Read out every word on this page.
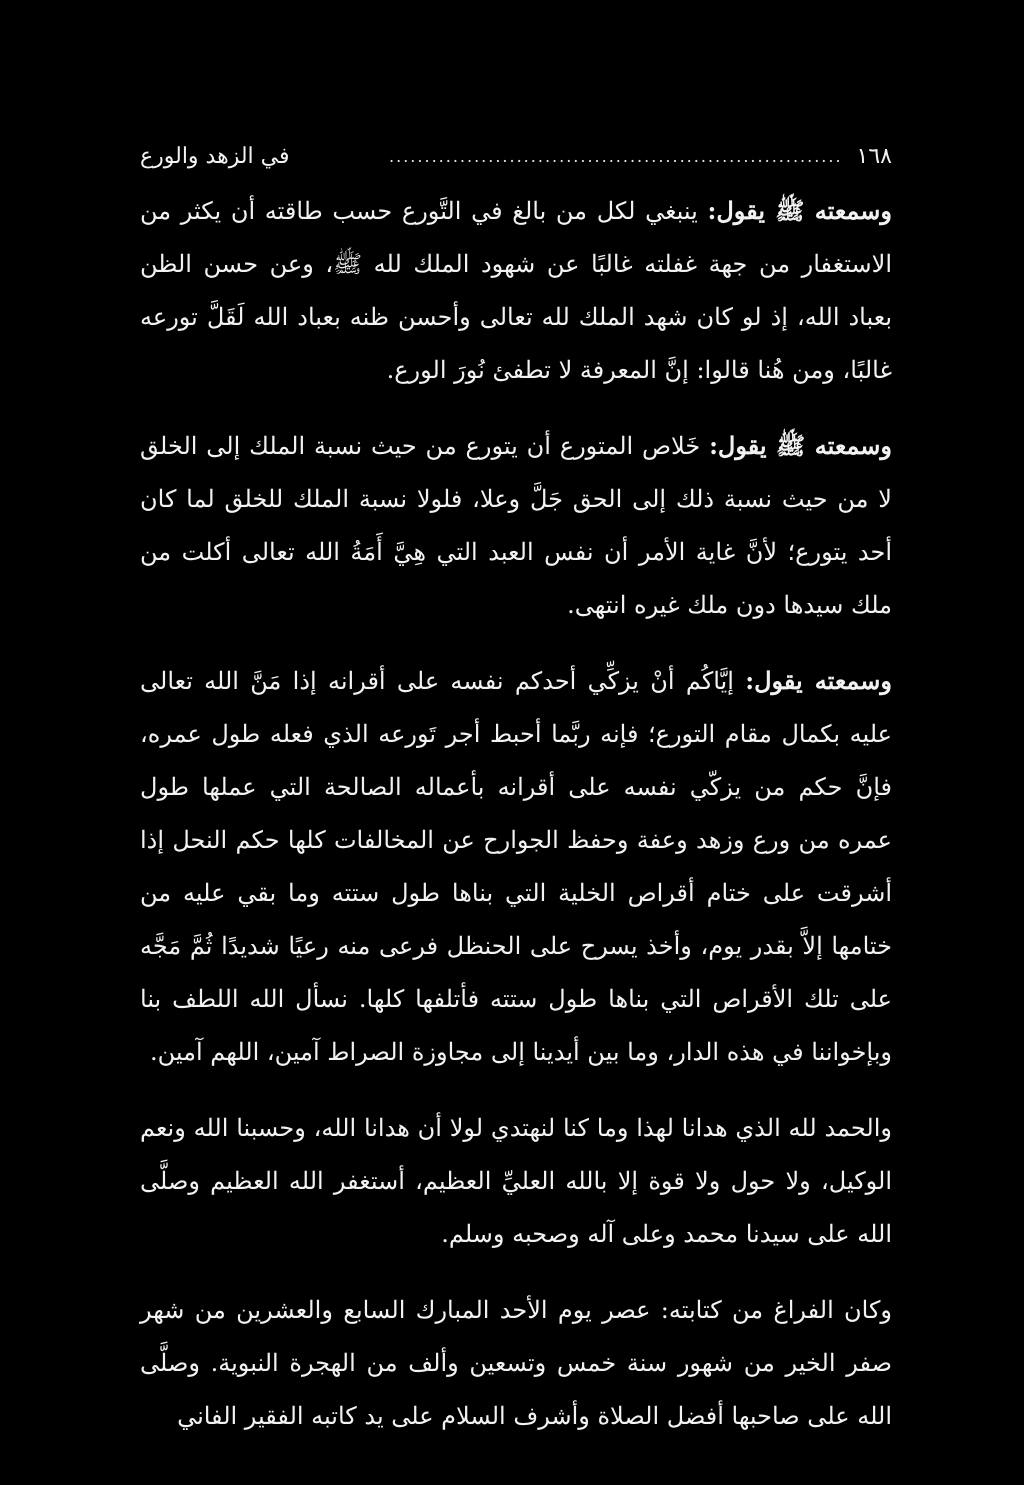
١٦٨
................................................................
في الزهد والورع

وسمعته ﷺ يقول: ينبغي لكل من بالغ في التَّورع حسب طاقته أن يكثر من الاستغفار من جهة غفلته غالبًا عن شهود الملك لله ﷺ، وعن حسن الظن بعباد الله، إذ لو كان شهد الملك لله تعالى وأحسن ظنه بعباد الله لَقَلَّ تورعه غالبًا، ومن هُنا قالوا: إنَّ المعرفة لا تطفئ نُورَ الورع.

وسمعته ﷺ يقول: خَلاص المتورع أن يتورع من حيث نسبة الملك إلى الخلق لا من حيث نسبة ذلك إلى الحق جَلَّ وعلا، فلولا نسبة الملك للخلق لما كان أحد يتورع؛ لأنَّ غاية الأمر أن نفس العبد التي هِيَّ أَمَةُ الله تعالى أكلت من ملك سيدها دون ملك غيره انتهى.

وسمعته يقول: إيَّاكُم أنْ يزكِّي أحدكم نفسه على أقرانه إذا مَنَّ الله تعالى عليه بكمال مقام التورع؛ فإنه ربَّما أحبط أجر تَورعه الذي فعله طول عمره، فإنَّ حكم من يزكّي نفسه على أقرانه بأعماله الصالحة التي عملها طول عمره من ورع وزهد وعفة وحفظ الجوارح عن المخالفات كلها حكم النحل إذا أشرقت على ختام أقراص الخلية التي بناها طول ستته وما بقي عليه من ختامها إلاَّ بقدر يوم، وأخذ يسرح على الحنظل فرعى منه رعيًا شديدًا ثُمَّ مَجَّه على تلك الأقراص التي بناها طول ستته فأتلفها كلها. نسأل الله اللطف بنا وبإخواننا في هذه الدار، وما بين أيدينا إلى مجاوزة الصراط آمين، اللهم آمين.

والحمد لله الذي هدانا لهذا وما كنا لنهتدي لولا أن هدانا الله، وحسبنا الله ونعم الوكيل، ولا حول ولا قوة إلا بالله العليِّ العظيم، أستغفر الله العظيم وصلَّى الله على سيدنا محمد وعلى آله وصحبه وسلم.

وكان الفراغ من كتابته: عصر يوم الأحد المبارك السابع والعشرين من شهر صفر الخير من شهور سنة خمس وتسعين وألف من الهجرة النبوية. وصلَّى الله على صاحبها أفضل الصلاة وأشرف السلام على يد كاتبه الفقير الفاني
